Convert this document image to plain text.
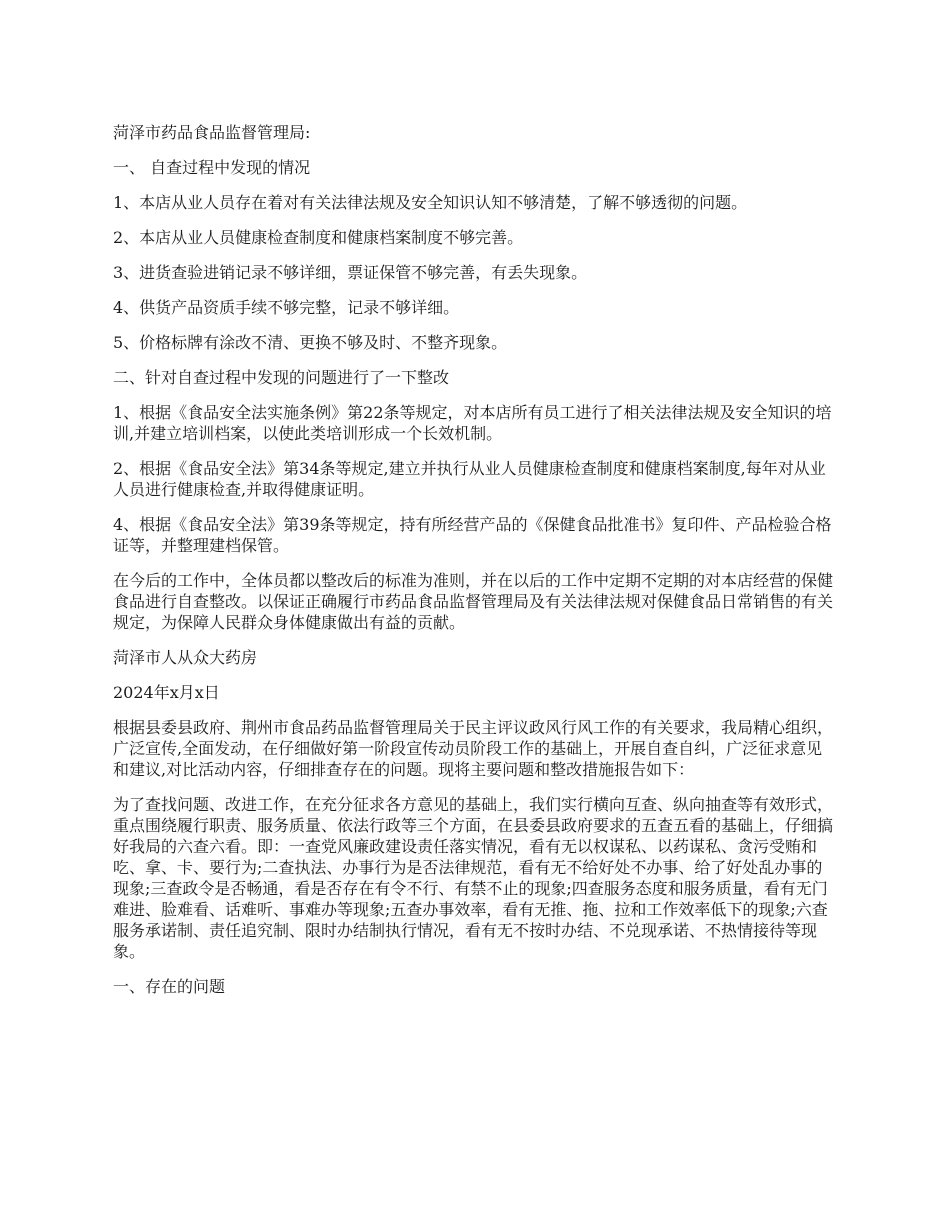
菏泽市药品食品监督管理局:

一、 自查过程中发现的情况

1、本店从业人员存在着对有关法律法规及安全知识认知不够清楚，了解不够透彻的问题。

2、本店从业人员健康检查制度和健康档案制度不够完善。

3、进货查验进销记录不够详细，票证保管不够完善，有丢失现象。

4、供货产品资质手续不够完整，记录不够详细。

5、价格标牌有涂改不清、更换不够及时、不整齐现象。

二、针对自查过程中发现的问题进行了一下整改

1、根据《食品安全法实施条例》第22条等规定，对本店所有员工进行了相关法律法规及安全知识的培训,并建立培训档案，以使此类培训形成一个长效机制。

2、根据《食品安全法》第34条等规定,建立并执行从业人员健康检查制度和健康档案制度,每年对从业人员进行健康检查,并取得健康证明。

4、根据《食品安全法》第39条等规定，持有所经营产品的《保健食品批准书》复印件、产品检验合格证等，并整理建档保管。

在今后的工作中，全体员都以整改后的标准为准则，并在以后的工作中定期不定期的对本店经营的保健食品进行自查整改。以保证正确履行市药品食品监督管理局及有关法律法规对保健食品日常销售的有关规定，为保障人民群众身体健康做出有益的贡献。

菏泽市人从众大药房

2024年x月x日

根据县委县政府、荆州市食品药品监督管理局关于民主评议政风行风工作的有关要求，我局精心组织，广泛宣传,全面发动，在仔细做好第一阶段宣传动员阶段工作的基础上，开展自查自纠，广泛征求意见和建议,对比活动内容，仔细排查存在的问题。现将主要问题和整改措施报告如下：

为了查找问题、改进工作，在充分征求各方意见的基础上，我们实行横向互查、纵向抽查等有效形式，重点围绕履行职责、服务质量、依法行政等三个方面，在县委县政府要求的五查五看的基础上，仔细搞好我局的六查六看。即：一查党风廉政建设责任落实情况，看有无以权谋私、以药谋私、贪污受贿和吃、拿、卡、要行为;二查执法、办事行为是否法律规范，看有无不给好处不办事、给了好处乱办事的现象;三查政令是否畅通，看是否存在有令不行、有禁不止的现象;四查服务态度和服务质量，看有无门难进、脸难看、话难听、事难办等现象;五查办事效率，看有无推、拖、拉和工作效率低下的现象;六查服务承诺制、责任追究制、限时办结制执行情况，看有无不按时办结、不兑现承诺、不热情接待等现象。

一、存在的问题
